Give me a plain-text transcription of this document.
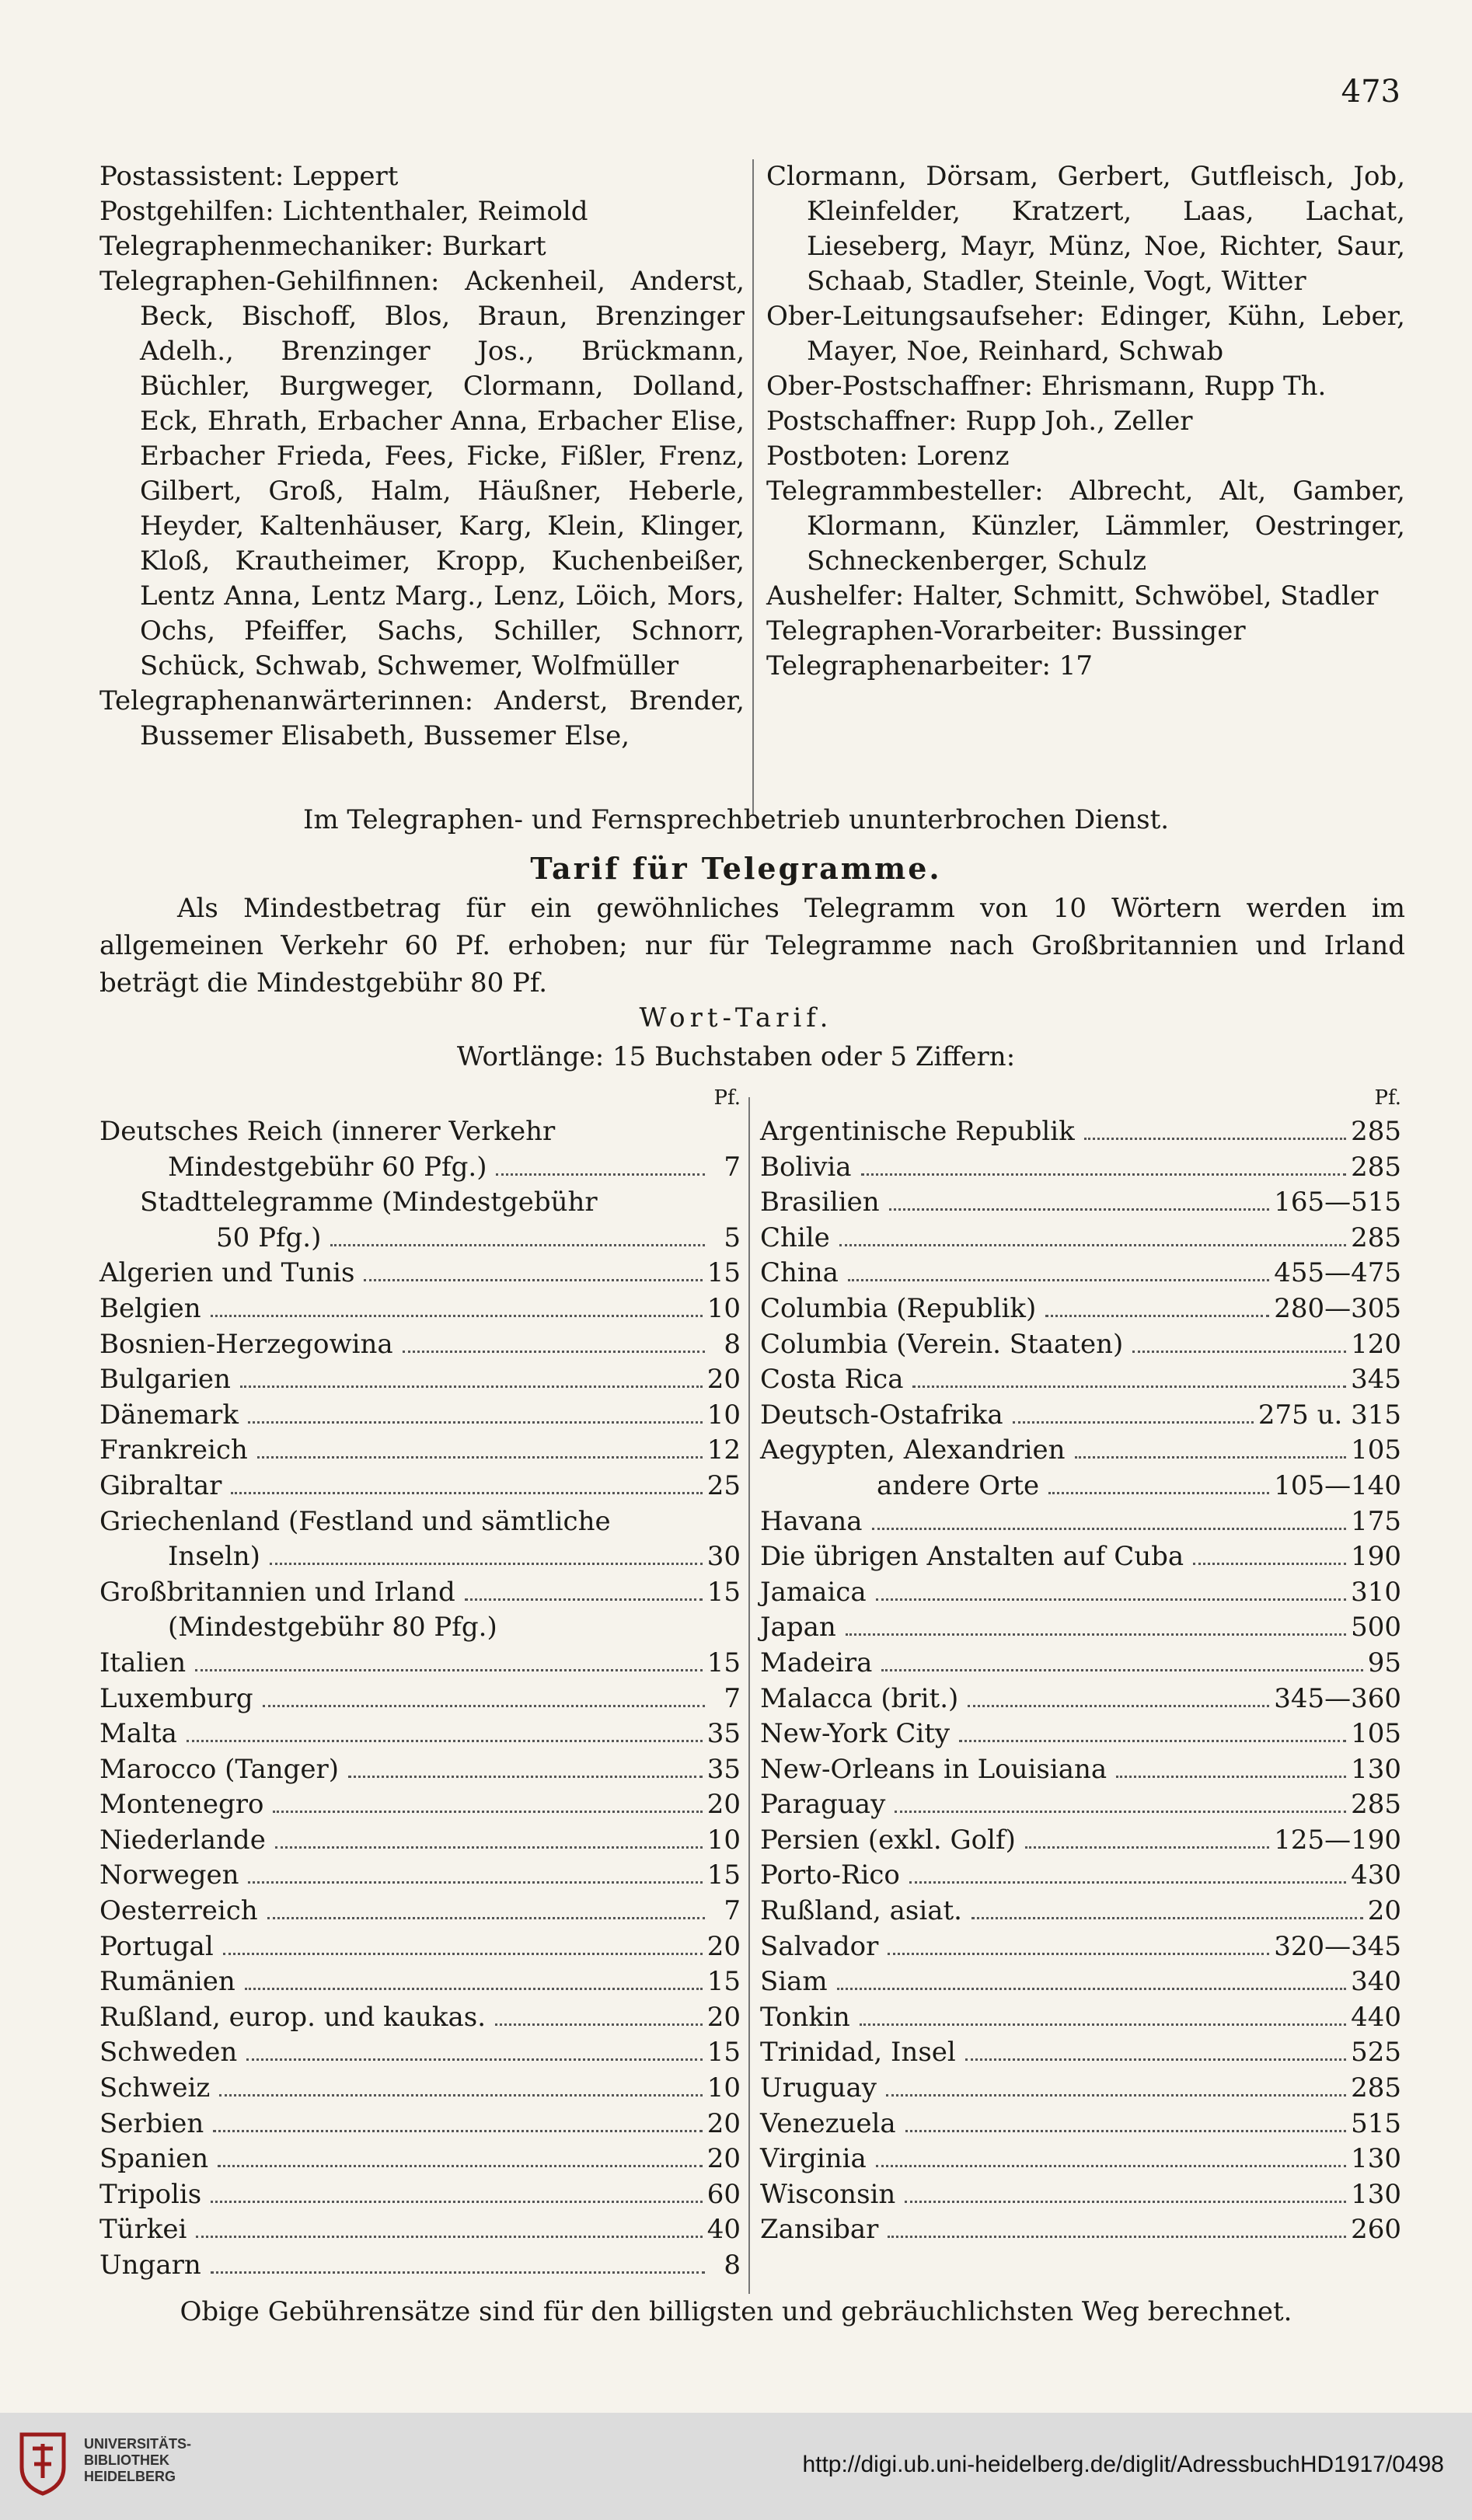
473

Postassistent: Leppert

Postgehilfen: Lichtenthaler, Reimold

Telegraphenmechaniker: Burkart

Telegraphen-Gehilfinnen: Ackenheil, Anderst, Beck, Bischoff, Blos, Braun, Brenzinger Adelh., Brenzinger Jos., Brückmann, Büchler, Burgweger, Clormann, Dolland, Eck, Ehrath, Erbacher Anna, Erbacher Elise, Erbacher Frieda, Fees, Ficke, Fißler, Frenz, Gilbert, Groß, Halm, Häußner, Heberle, Heyder, Kaltenhäuser, Karg, Klein, Klinger, Kloß, Krautheimer, Kropp, Kuchenbeißer, Lentz Anna, Lentz Marg., Lenz, Löich, Mors, Ochs, Pfeiffer, Sachs, Schiller, Schnorr, Schück, Schwab, Schwemer, Wolfmüller

Telegraphenanwärterinnen: Anderst, Brender, Bussemer Elisabeth, Bussemer Else,

Clormann, Dörsam, Gerbert, Gutfleisch, Job, Kleinfelder, Kratzert, Laas, Lachat, Lieseberg, Mayr, Münz, Noe, Richter, Saur, Schaab, Stadler, Steinle, Vogt, Witter

Ober-Leitungsaufseher: Edinger, Kühn, Leber, Mayer, Noe, Reinhard, Schwab

Ober-Postschaffner: Ehrismann, Rupp Th.

Postschaffner: Rupp Joh., Zeller

Postboten: Lorenz

Telegrammbesteller: Albrecht, Alt, Gamber, Klormann, Künzler, Lämmler, Oestringer, Schneckenberger, Schulz

Aushelfer: Halter, Schmitt, Schwöbel, Stadler

Telegraphen-Vorarbeiter: Bussinger

Telegraphenarbeiter: 17

Im Telegraphen- und Fernsprechbetrieb ununterbrochen Dienst.
Tarif für Telegramme.

Als Mindestbetrag für ein gewöhnliches Telegramm von 10 Wörtern werden im allgemeinen Verkehr 60 Pf. erhoben; nur für Telegramme nach Großbritannien und Irland beträgt die Mindestgebühr 80 Pf.

Wort-Tarif.
Wortlänge: 15 Buchstaben oder 5 Ziffern:
Pf.
Deutsches Reich (innerer Verkehr
Mindestgebühr 60 Pfg.)	7
Stadttelegramme (Mindestgebühr
50 Pfg.)	5
Algerien und Tunis	15
Belgien	10
Bosnien-Herzegowina	8
Bulgarien	20
Dänemark	10
Frankreich	12
Gibraltar	25
Griechenland (Festland und sämtliche
Inseln)	30
Großbritannien und Irland	15
(Mindestgebühr 80 Pfg.)
Italien	15
Luxemburg	7
Malta	35
Marocco (Tanger)	35
Montenegro	20
Niederlande	10
Norwegen	15
Oesterreich	7
Portugal	20
Rumänien	15
Rußland, europ. und kaukas.	20
Schweden	15
Schweiz	10
Serbien	20
Spanien	20
Tripolis	60
Türkei	40
Ungarn	8
Pf.
Argentinische Republik	285
Bolivia	285
Brasilien	165—515
Chile	285
China	455—475
Columbia (Republik)	280—305
Columbia (Verein. Staaten)	120
Costa Rica	345
Deutsch-Ostafrika	275 u. 315
Aegypten, Alexandrien	105
andere Orte	105—140
Havana	175
Die übrigen Anstalten auf Cuba	190
Jamaica	310
Japan	500
Madeira	95
Malacca (brit.)	345—360
New-York City	105
New-Orleans in Louisiana	130
Paraguay	285
Persien (exkl. Golf)	125—190
Porto-Rico	430
Rußland, asiat.	20
Salvador	320—345
Siam	340
Tonkin	440
Trinidad, Insel	525
Uruguay	285
Venezuela	515
Virginia	130
Wisconsin	130
Zansibar	260
Obige Gebührensätze sind für den billigsten und gebräuchlichsten Weg berechnet.
UNIVERSITÄTS-
BIBLIOTHEK
HEIDELBERG	http://digi.ub.uni-heidelberg.de/diglit/AdressbuchHD1917/0498
